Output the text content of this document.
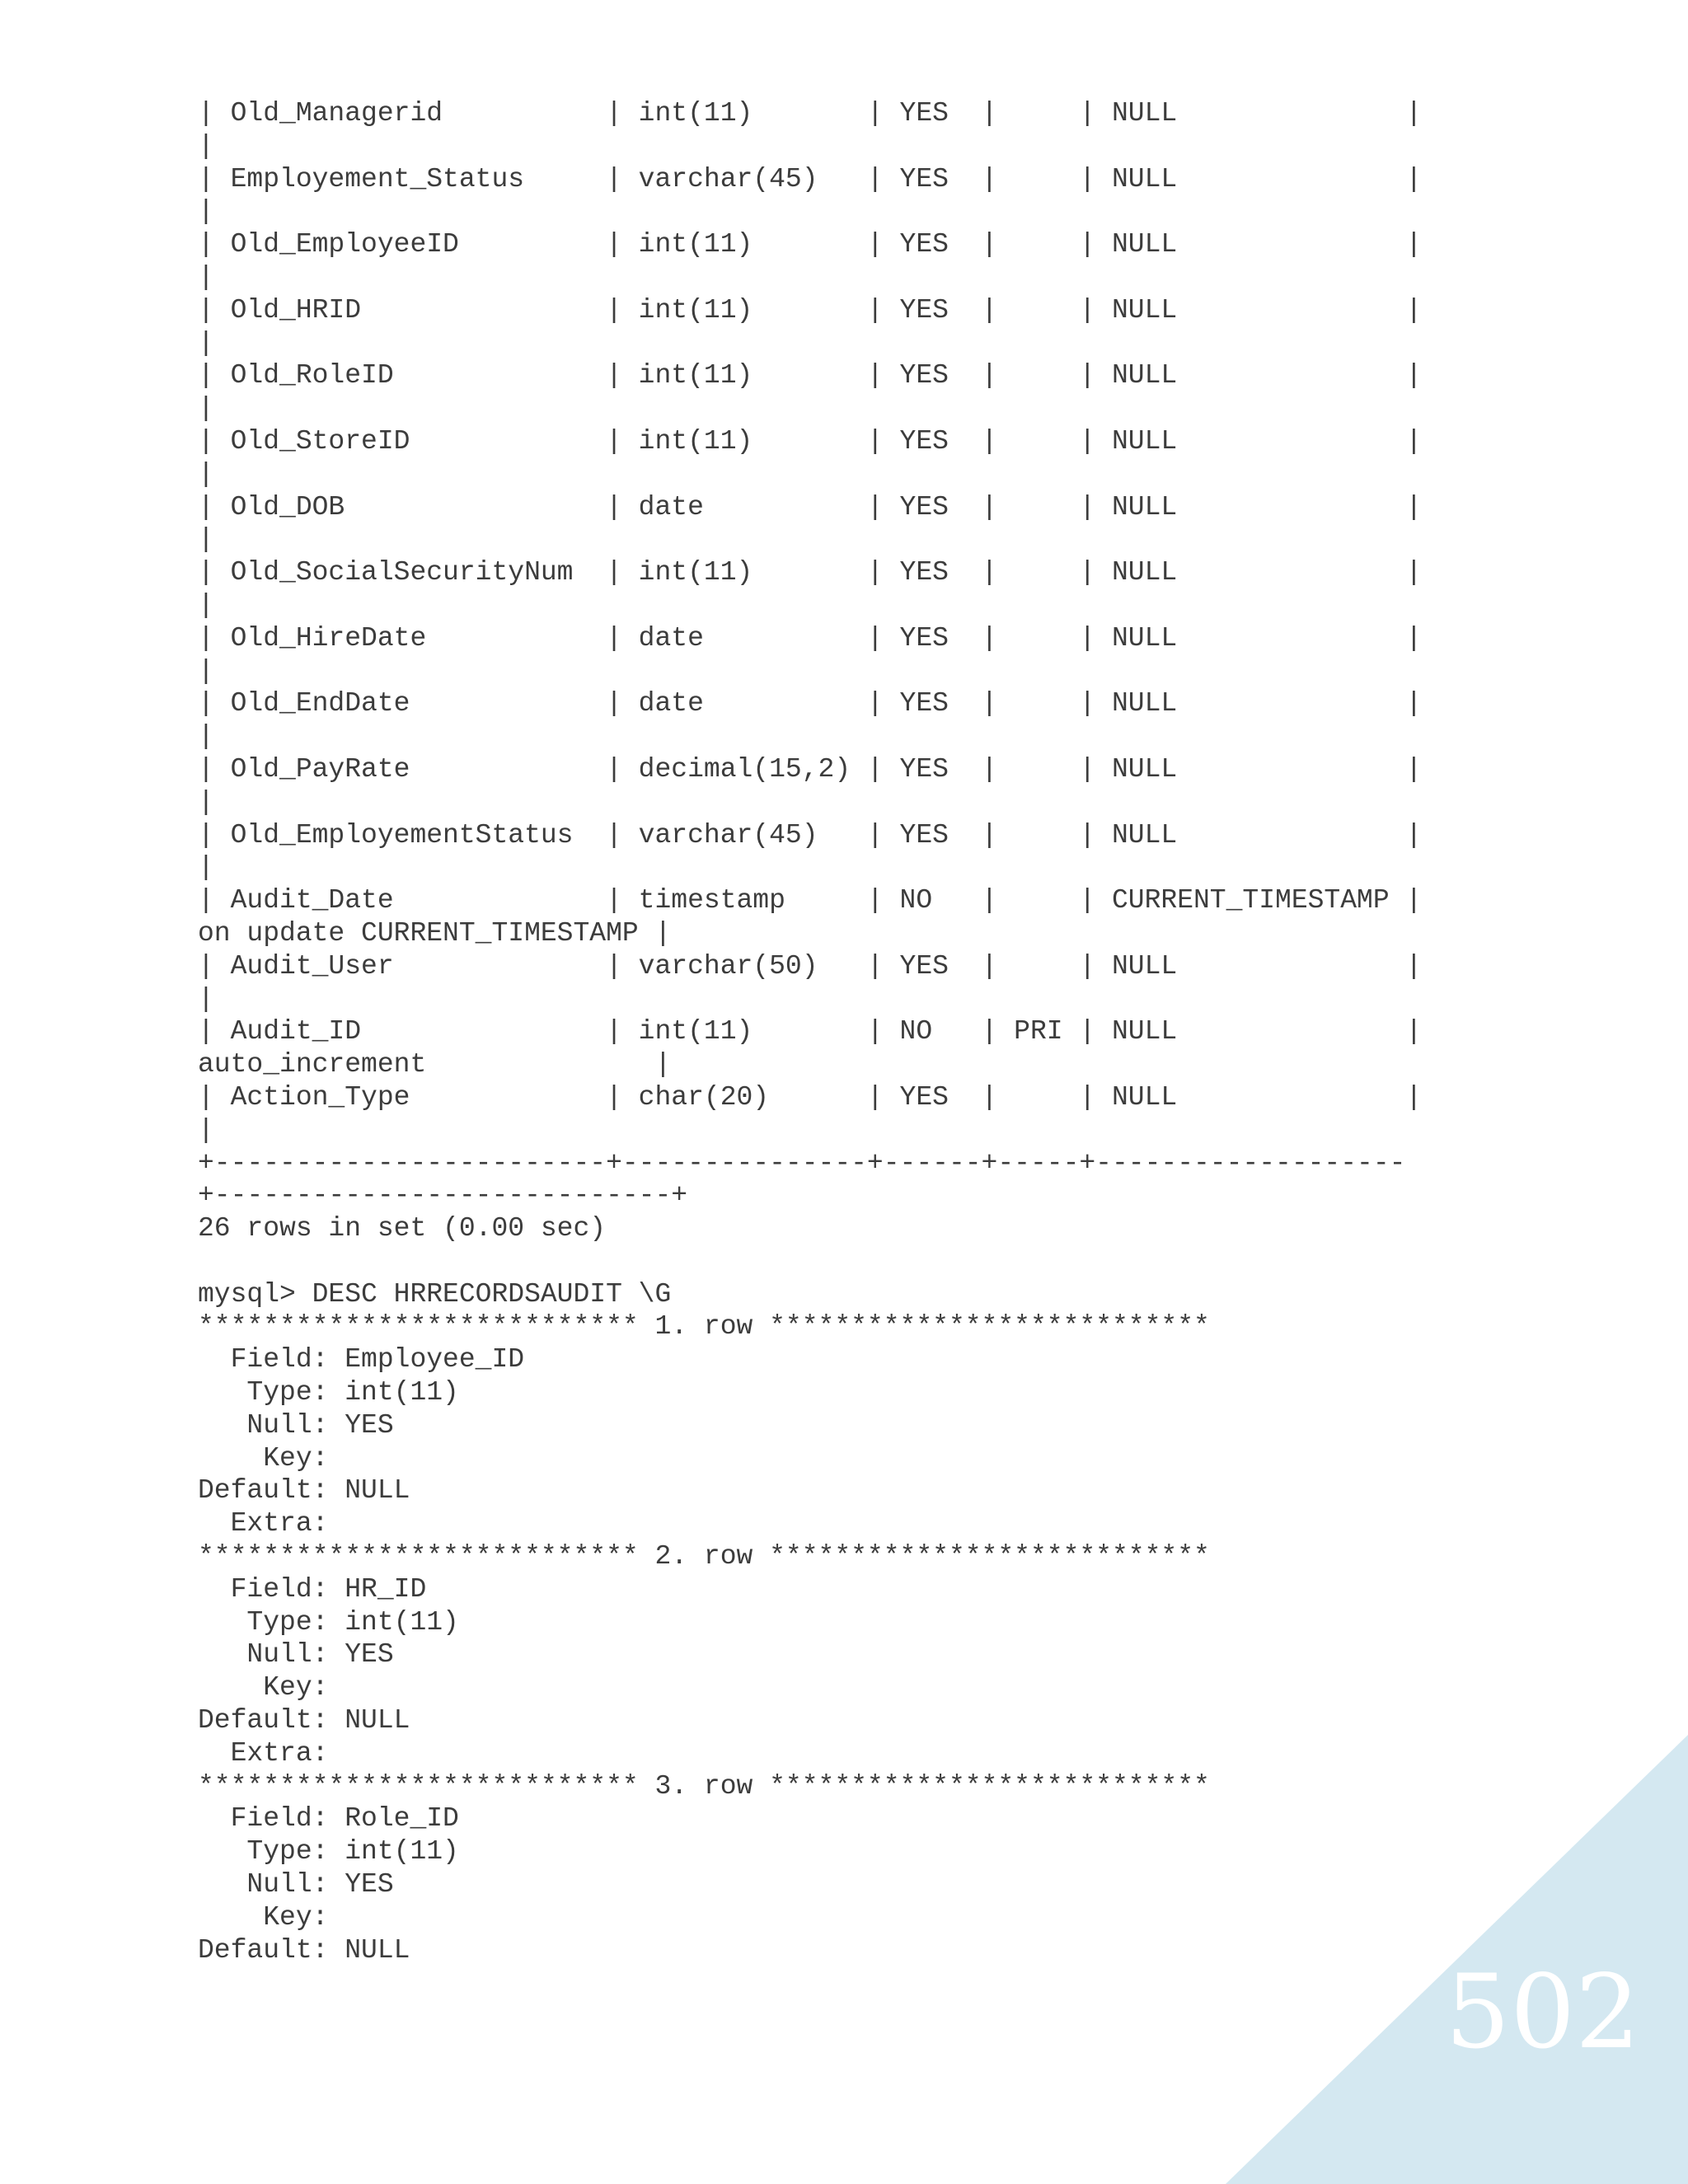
| Old_Managerid          | int(11)       | YES  |     | NULL              |
|
| Employement_Status     | varchar(45)   | YES  |     | NULL              |
|
| Old_EmployeeID         | int(11)       | YES  |     | NULL              |
|
| Old_HRID               | int(11)       | YES  |     | NULL              |
|
| Old_RoleID             | int(11)       | YES  |     | NULL              |
|
| Old_StoreID            | int(11)       | YES  |     | NULL              |
|
| Old_DOB                | date          | YES  |     | NULL              |
|
| Old_SocialSecurityNum  | int(11)       | YES  |     | NULL              |
|
| Old_HireDate           | date          | YES  |     | NULL              |
|
| Old_EndDate            | date          | YES  |     | NULL              |
|
| Old_PayRate            | decimal(15,2) | YES  |     | NULL              |
|
| Old_EmployementStatus  | varchar(45)   | YES  |     | NULL              |
|
| Audit_Date             | timestamp     | NO   |     | CURRENT_TIMESTAMP |
on update CURRENT_TIMESTAMP |
| Audit_User             | varchar(50)   | YES  |     | NULL              |
|
| Audit_ID               | int(11)       | NO   | PRI | NULL              |
auto_increment              |
| Action_Type            | char(20)      | YES  |     | NULL              |
|
+------------------------+---------------+------+-----+-------------------
+----------------------------+
26 rows in set (0.00 sec)
mysql> DESC HRRECORDSAUDIT \G
*************************** 1. row ***************************
Field: Employee_ID
Type: int(11)
Null: YES
Key:
Default: NULL
Extra:
*************************** 2. row ***************************
Field: HR_ID
Type: int(11)
Null: YES
Key:
Default: NULL
Extra:
*************************** 3. row ***************************
Field: Role_ID
Type: int(11)
Null: YES
Key:
Default: NULL
502
